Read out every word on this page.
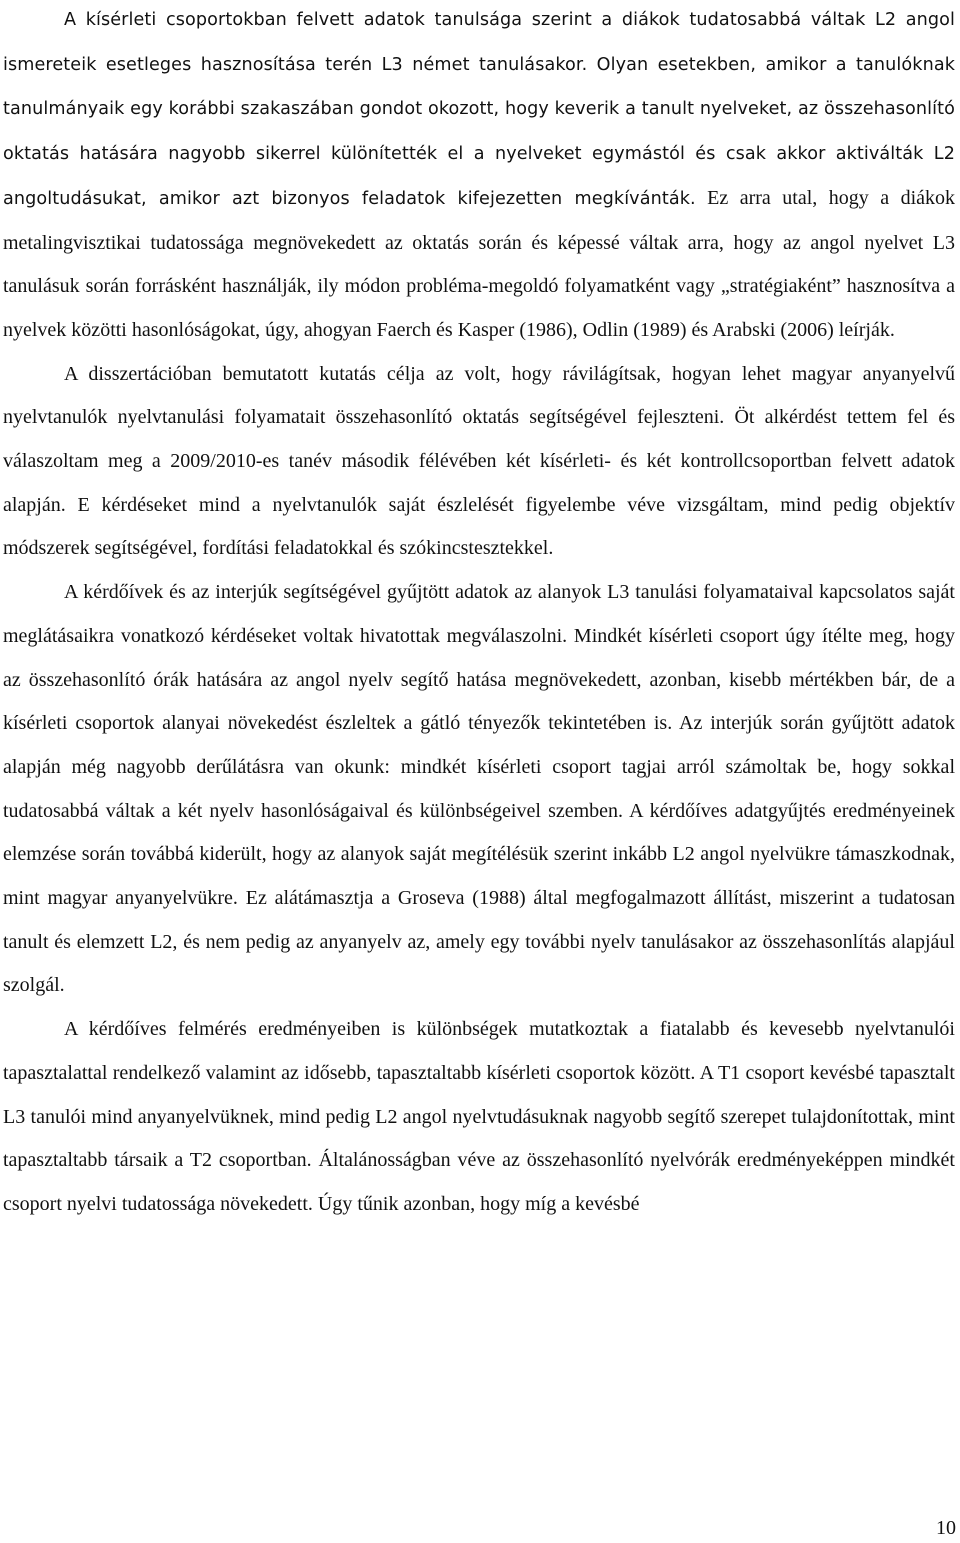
A kísérleti csoportokban felvett adatok tanulsága szerint a diákok tudatosabbá váltak L2 angol ismereteik esetleges hasznosítása terén L3 német tanulásakor. Olyan esetekben, amikor a tanulóknak tanulmányaik egy korábbi szakaszában gondot okozott, hogy keverik a tanult nyelveket, az összehasonlító oktatás hatására nagyobb sikerrel különítették el a nyelveket egymástól és csak akkor aktiválták L2 angoltudásukat, amikor azt bizonyos feladatok kifejezetten megkívánták. Ez arra utal, hogy a diákok metalingvisztikai tudatossága megnövekedett az oktatás során és képessé váltak arra, hogy az angol nyelvet L3 tanulásuk során forrásként használják, ily módon probléma-megoldó folyamatként vagy „stratégiaként” hasznosítva a nyelvek közötti hasonlóságokat, úgy, ahogyan Faerch és Kasper (1986), Odlin (1989) és Arabski (2006) leírják.

A disszertációban bemutatott kutatás célja az volt, hogy rávilágítsak, hogyan lehet magyar anyanyelvű nyelvtanulók nyelvtanulási folyamatait összehasonlító oktatás segítségével fejleszteni. Öt alkérdést tettem fel és válaszoltam meg a 2009/2010-es tanév második félévében két kísérleti- és két kontrollcsoportban felvett adatok alapján. E kérdéseket mind a nyelvtanulók saját észlelését figyelembe véve vizsgáltam, mind pedig objektív módszerek segítségével, fordítási feladatokkal és szókincstesztekkel.

A kérdőívek és az interjúk segítségével gyűjtött adatok az alanyok L3 tanulási folyamataival kapcsolatos saját meglátásaikra vonatkozó kérdéseket voltak hivatottak megválaszolni. Mindkét kísérleti csoport úgy ítélte meg, hogy az összehasonlító órák hatására az angol nyelv segítő hatása megnövekedett, azonban, kisebb mértékben bár, de a kísérleti csoportok alanyai növekedést észleltek a gátló tényezők tekintetében is. Az interjúk során gyűjtött adatok alapján még nagyobb derűlátásra van okunk: mindkét kísérleti csoport tagjai arról számoltak be, hogy sokkal tudatosabbá váltak a két nyelv hasonlóságaival és különbségeivel szemben. A kérdőíves adatgyűjtés eredményeinek elemzése során továbbá kiderült, hogy az alanyok saját megítélésük szerint inkább L2 angol nyelvükre támaszkodnak, mint magyar anyanyelvükre. Ez alátámasztja a Groseva (1988) által megfogalmazott állítást, miszerint a tudatosan tanult és elemzett L2, és nem pedig az anyanyelv az, amely egy további nyelv tanulásakor az összehasonlítás alapjául szolgál.

A kérdőíves felmérés eredményeiben is különbségek mutatkoztak a fiatalabb és kevesebb nyelvtanulói tapasztalattal rendelkező valamint az idősebb, tapasztaltabb kísérleti csoportok között. A T1 csoport kevésbé tapasztalt L3 tanulói mind anyanyelvüknek, mind pedig L2 angol nyelvtudásuknak nagyobb segítő szerepet tulajdonítottak, mint tapasztaltabb társaik a T2 csoportban. Általánosságban véve az összehasonlító nyelvórák eredményeképpen mindkét csoport nyelvi tudatossága növekedett. Úgy tűnik azonban, hogy míg a kevésbé

10
